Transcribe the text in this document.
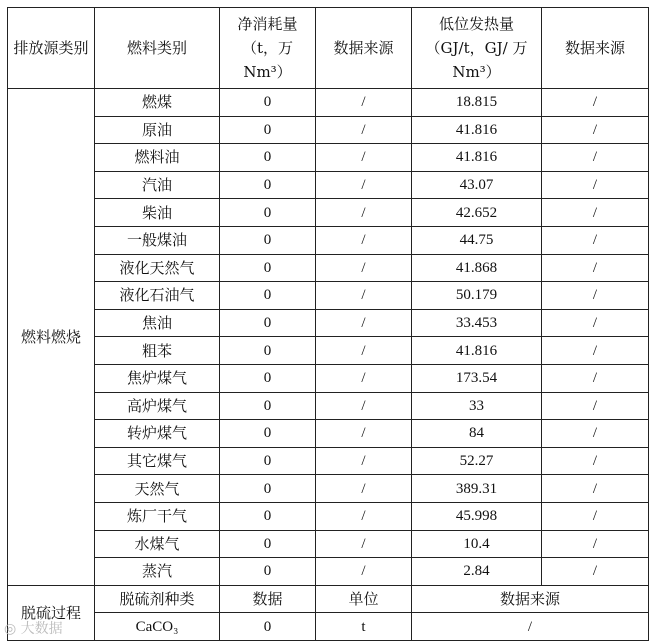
排放源类别	燃料类别	净消耗量（t，万 Nm³）	数据来源	低位发热量（GJ/t，GJ/ 万 Nm³）	数据来源
燃料燃烧	燃煤	0	/	18.815	/
	原油	0	/	41.816	/
	燃料油	0	/	41.816	/
	汽油	0	/	43.07	/
	柴油	0	/	42.652	/
	一般煤油	0	/	44.75	/
	液化天然气	0	/	41.868	/
	液化石油气	0	/	50.179	/
	焦油	0	/	33.453	/
	粗苯	0	/	41.816	/
	焦炉煤气	0	/	173.54	/
	高炉煤气	0	/	33	/
	转炉煤气	0	/	84	/
	其它煤气	0	/	52.27	/
	天然气	0	/	389.31	/
	炼厂干气	0	/	45.998	/
	水煤气	0	/	10.4	/
	蒸汽	0	/	2.84	/
脱硫过程	脱硫剂种类	数据	单位	数据来源	
	CaCO₃	0	t	/	
◎ 大数据
